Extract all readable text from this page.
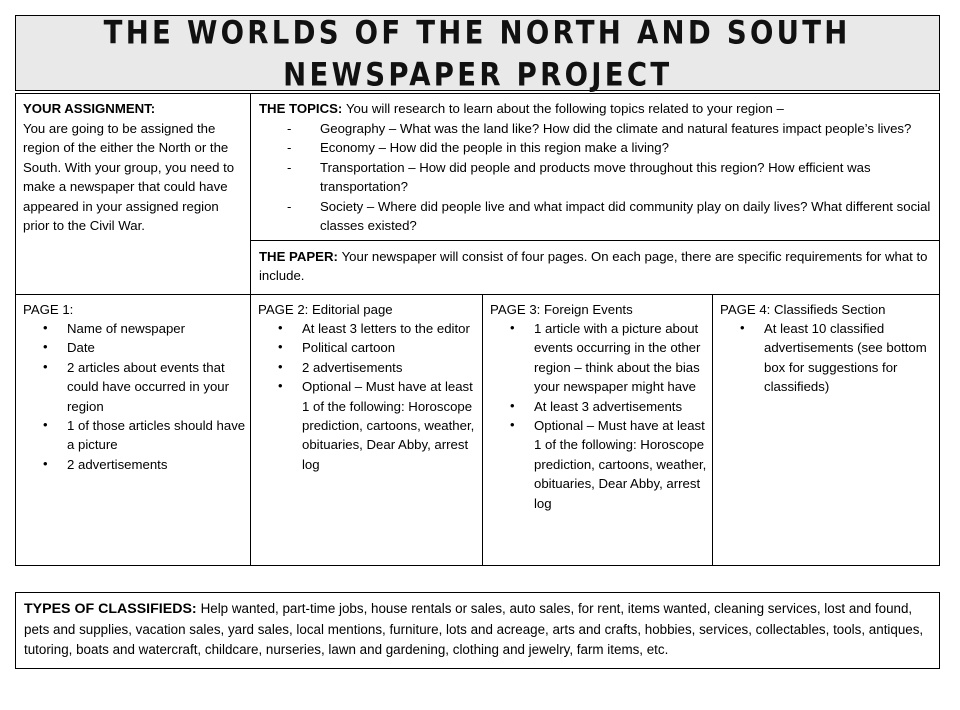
THE WORLDS OF THE NORTH AND SOUTH
NEWSPAPER PROJECT
YOUR ASSIGNMENT:
You are going to be assigned the region of the either the North or the South. With your group, you need to make a newspaper that could have appeared in your assigned region prior to the Civil War.
THE TOPICS: You will research to learn about the following topics related to your region –
- Geography – What was the land like? How did the climate and natural features impact people’s lives?
- Economy – How did the people in this region make a living?
- Transportation – How did people and products move throughout this region? How efficient was transportation?
- Society – Where did people live and what impact did community play on daily lives? What different social classes existed?
THE PAPER: Your newspaper will consist of four pages. On each page, there are specific requirements for what to include.
PAGE 1:
• Name of newspaper
• Date
• 2 articles about events that could have occurred in your region
• 1 of those articles should have a picture
• 2 advertisements
PAGE 2: Editorial page
• At least 3 letters to the editor
• Political cartoon
• 2 advertisements
• Optional – Must have at least 1 of the following: Horoscope prediction, cartoons, weather, obituaries, Dear Abby, arrest log
PAGE 3: Foreign Events
• 1 article with a picture about events occurring in the other region – think about the bias your newspaper might have
• At least 3 advertisements
• Optional – Must have at least 1 of the following: Horoscope prediction, cartoons, weather, obituaries, Dear Abby, arrest log
PAGE 4: Classifieds Section
• At least 10 classified advertisements (see bottom box for suggestions for classifieds)
TYPES OF CLASSIFIEDS: Help wanted, part-time jobs, house rentals or sales, auto sales, for rent, items wanted, cleaning services, lost and found, pets and supplies, vacation sales, yard sales, local mentions, furniture, lots and acreage, arts and crafts, hobbies, services, collectables, tools, antiques, tutoring, boats and watercraft, childcare, nurseries, lawn and gardening, clothing and jewelry, farm items, etc.
